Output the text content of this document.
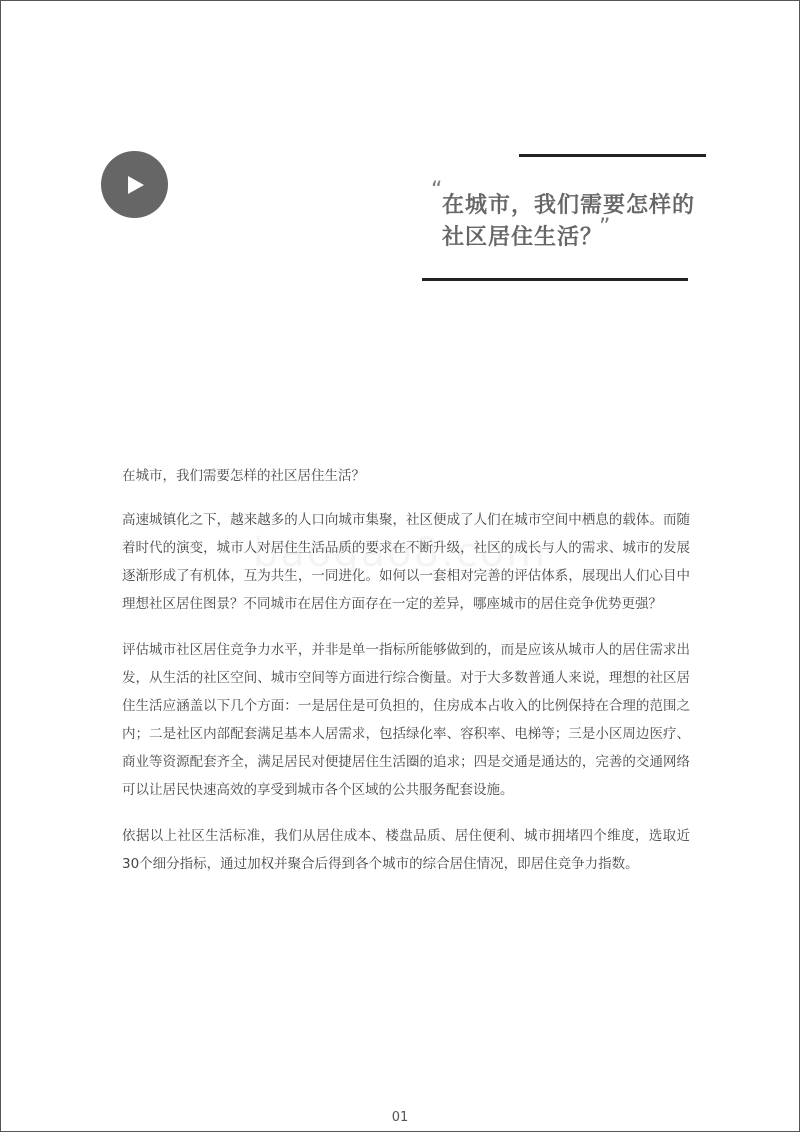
“
在城市，我们需要怎样的
社区居住生活？
”

在城市，我们需要怎样的社区居住生活？

高速城镇化之下，越来越多的人口向城市集聚，社区便成了人们在城市空间中栖息的载体。而随着时代的演变，城市人对居住生活品质的要求在不断升级，社区的成长与人的需求、城市的发展逐渐形成了有机体，互为共生，一同进化。如何以一套相对完善的评估体系，展现出人们心目中理想社区居住图景？不同城市在居住方面存在一定的差异，哪座城市的居住竞争优势更强？

评估城市社区居住竞争力水平，并非是单一指标所能够做到的，而是应该从城市人的居住需求出发，从生活的社区空间、城市空间等方面进行综合衡量。对于大多数普通人来说，理想的社区居住生活应涵盖以下几个方面：一是居住是可负担的，住房成本占收入的比例保持在合理的范围之内；二是社区内部配套满足基本人居需求，包括绿化率、容积率、电梯等；三是小区周边医疗、商业等资源配套齐全，满足居民对便捷居住生活圈的追求；四是交通是通达的，完善的交通网络可以让居民快速高效的享受到城市各个区域的公共服务配套设施。

依据以上社区生活标准，我们从居住成本、楼盘品质、居住便利、城市拥堵四个维度，选取近30个细分指标，通过加权并聚合后得到各个城市的综合居住情况，即居住竞争力指数。

01
